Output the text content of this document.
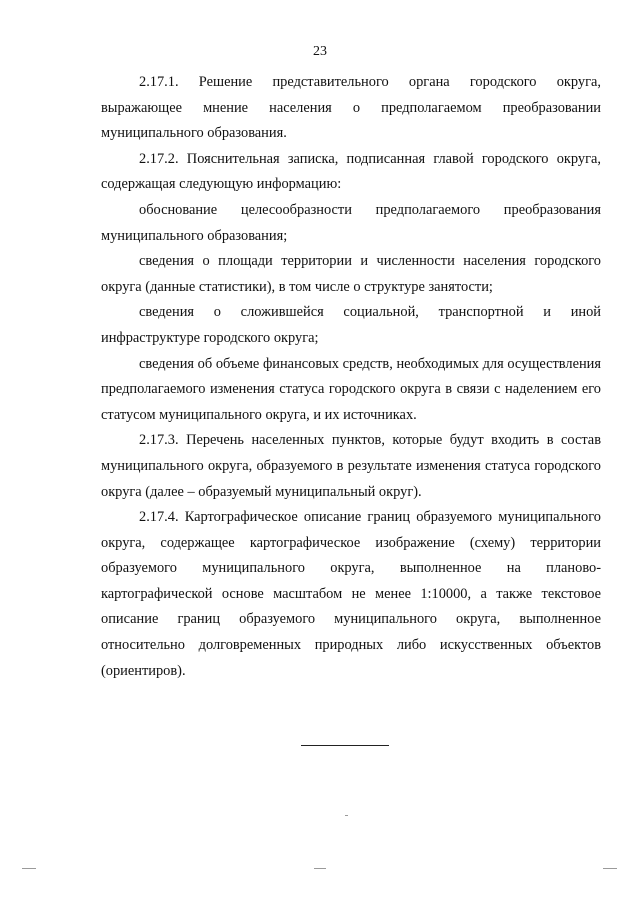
23

2.17.1. Решение представительного органа городского округа, выражающее мнение населения о предполагаемом преобразовании муниципального образования.

2.17.2. Пояснительная записка, подписанная главой городского округа, содержащая следующую информацию:

обоснование целесообразности предполагаемого преобразования муниципального образования;

сведения о площади территории и численности населения городского округа (данные статистики), в том числе о структуре занятости;

сведения о сложившейся социальной, транспортной и иной инфраструктуре городского округа;

сведения об объеме финансовых средств, необходимых для осуществления предполагаемого изменения статуса городского округа в связи с наделением его статусом муниципального округа, и их источниках.

2.17.3. Перечень населенных пунктов, которые будут входить в состав муниципального округа, образуемого в результате изменения статуса городского округа (далее – образуемый муниципальный округ).

2.17.4. Картографическое описание границ образуемого муниципального округа, содержащее картографическое изображение (схему) территории образуемого муниципального округа, выполненное на планово-картографической основе масштабом не менее 1:10000, а также текстовое описание границ образуемого муниципального округа, выполненное относительно долговременных природных либо искусственных объектов (ориентиров).
